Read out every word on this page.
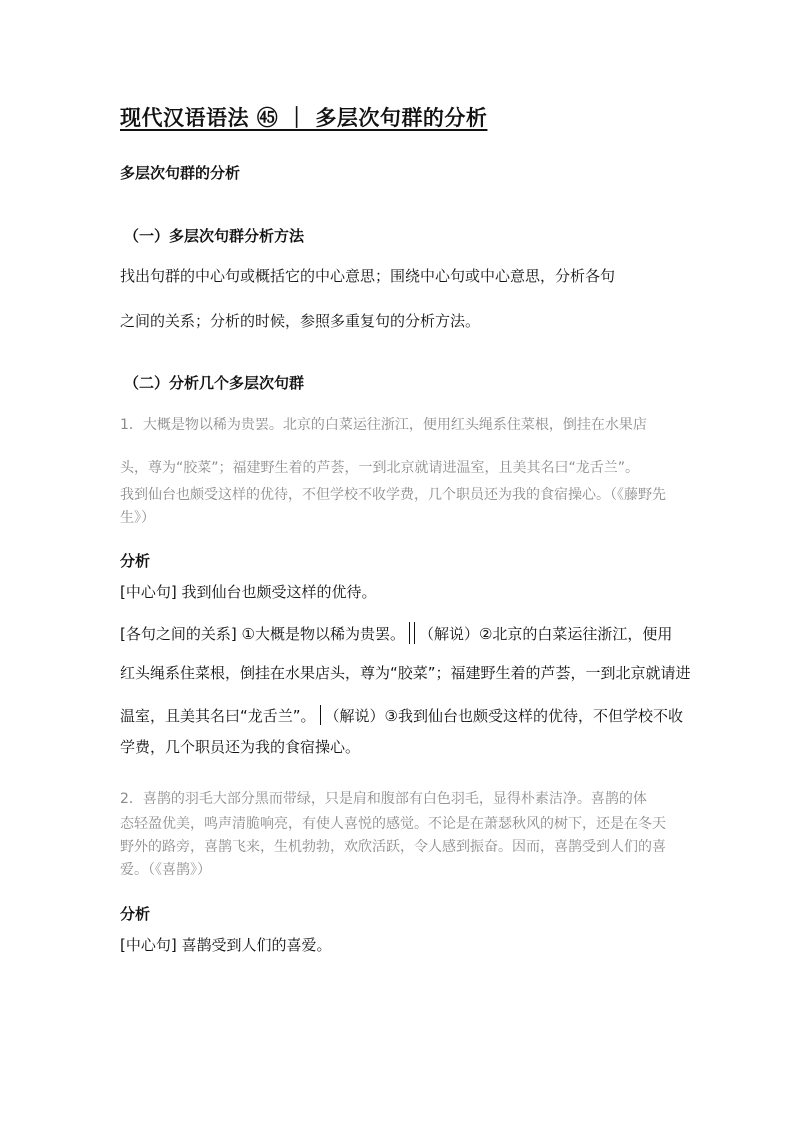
现代汉语语法 ㊺ ｜ 多层次句群的分析
多层次句群的分析
（一）多层次句群分析方法
找出句群的中心句或概括它的中心意思；围绕中心句或中心意思，分析各句
之间的关系；分析的时候，参照多重复句的分析方法。
（二）分析几个多层次句群
1．大概是物以稀为贵罢。北京的白菜运往浙江，便用红头绳系住菜根，倒挂在水果店
头，尊为“胶菜”；福建野生着的芦荟，一到北京就请进温室，且美其名曰“龙舌兰”。
我到仙台也颇受这样的优待，不但学校不收学费，几个职员还为我的食宿操心。（《藤野先生》）
分析
[中心句] 我到仙台也颇受这样的优待。
[各句之间的关系] ①大概是物以稀为贵罢。 （解说）②北京的白菜运往浙江，便用
红头绳系住菜根，倒挂在水果店头，尊为“胶菜”；福建野生着的芦荟，一到北京就请进
温室，且美其名曰“龙舌兰”。 （解说）③我到仙台也颇受这样的优待，不但学校不收
学费，几个职员还为我的食宿操心。
2．喜鹊的羽毛大部分黑而带绿，只是肩和腹部有白色羽毛，显得朴素洁净。喜鹊的体
态轻盈优美，鸣声清脆响亮，有使人喜悦的感觉。不论是在萧瑟秋风的树下，还是在冬天野外的路旁，喜鹊飞来，生机勃勃，欢欣活跃，令人感到振奋。因而，喜鹊受到人们的喜爱。（《喜鹊》）
分析
[中心句] 喜鹊受到人们的喜爱。
